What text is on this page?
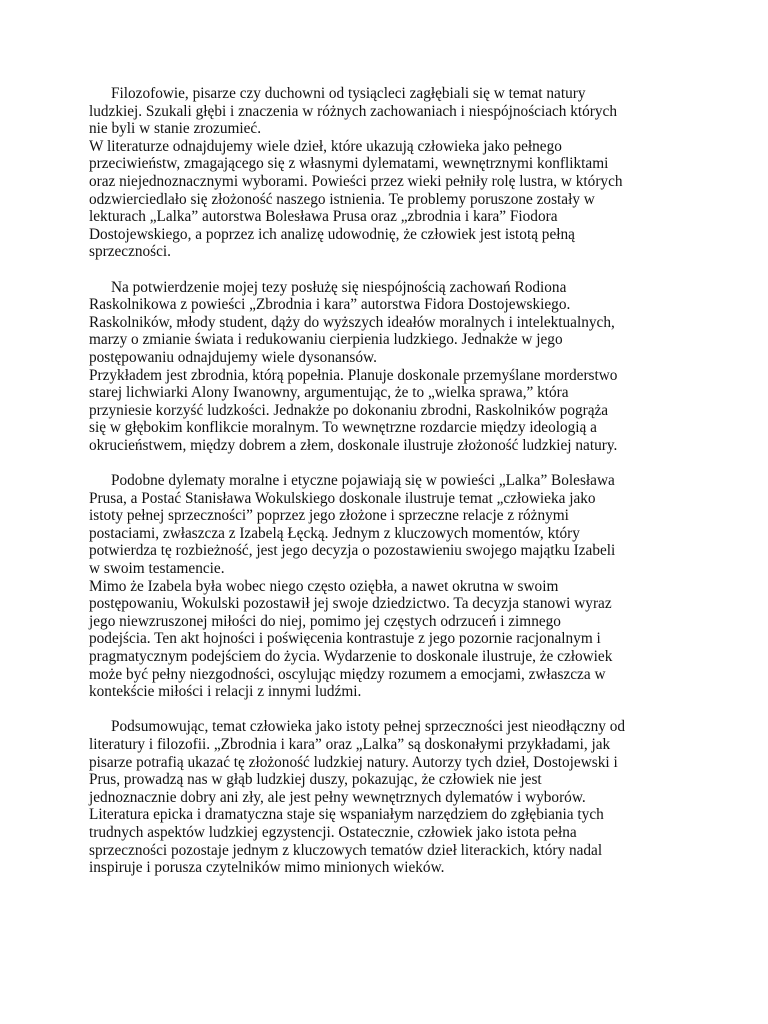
Filozofowie, pisarze czy duchowni od tysiącleci zagłębiali się w temat natury
ludzkiej. Szukali głębi i znaczenia w różnych zachowaniach i niespójnościach których
nie byli w stanie zrozumieć.
W literaturze odnajdujemy wiele dzieł, które ukazują człowieka jako pełnego
przeciwieństw, zmagającego się z własnymi dylematami, wewnętrznymi konfliktami
oraz niejednoznacznymi wyborami. Powieści przez wieki pełniły rolę lustra, w których
odzwierciedlało się złożoność naszego istnienia. Te problemy poruszone zostały w
lekturach „Lalka” autorstwa Bolesława Prusa oraz „zbrodnia i kara” Fiodora
Dostojewskiego, a poprzez ich analizę udowodnię, że człowiek jest istotą pełną
sprzeczności.
Na potwierdzenie mojej tezy posłużę się niespójnością zachowań Rodiona
Raskolnikowa z powieści „Zbrodnia i kara” autorstwa Fidora Dostojewskiego.
Raskolników, młody student, dąży do wyższych ideałów moralnych i intelektualnych,
marzy o zmianie świata i redukowaniu cierpienia ludzkiego. Jednakże w jego
postępowaniu odnajdujemy wiele dysonansów.
Przykładem jest zbrodnia, którą popełnia. Planuje doskonale przemyślane morderstwo
starej lichwiarki Alony Iwanowny, argumentując, że to „wielka sprawa,” która
przyniesie korzyść ludzkości. Jednakże po dokonaniu zbrodni, Raskolników pogrąża
się w głębokim konflikcie moralnym. To wewnętrzne rozdarcie między ideologią a
okrucieństwem, między dobrem a złem, doskonale ilustruje złożoność ludzkiej natury.
Podobne dylematy moralne i etyczne pojawiają się w powieści „Lalka” Bolesława
Prusa, a Postać Stanisława Wokulskiego doskonale ilustruje temat „człowieka jako
istoty pełnej sprzeczności” poprzez jego złożone i sprzeczne relacje z różnymi
postaciami, zwłaszcza z Izabelą Łęcką. Jednym z kluczowych momentów, który
potwierdza tę rozbieżność, jest jego decyzja o pozostawieniu swojego majątku Izabeli
w swoim testamencie.
Mimo że Izabela była wobec niego często oziębła, a nawet okrutna w swoim
postępowaniu, Wokulski pozostawił jej swoje dziedzictwo. Ta decyzja stanowi wyraz
jego niewzruszonej miłości do niej, pomimo jej częstych odrzuceń i zimnego
podejścia. Ten akt hojności i poświęcenia kontrastuje z jego pozornie racjonalnym i
pragmatycznym podejściem do życia. Wydarzenie to doskonale ilustruje, że człowiek
może być pełny niezgodności, oscylując między rozumem a emocjami, zwłaszcza w
kontekście miłości i relacji z innymi ludźmi.
Podsumowując, temat człowieka jako istoty pełnej sprzeczności jest nieodłączny od
literatury i filozofii. „Zbrodnia i kara” oraz „Lalka” są doskonałymi przykładami, jak
pisarze potrafią ukazać tę złożoność ludzkiej natury. Autorzy tych dzieł, Dostojewski i
Prus, prowadzą nas w głąb ludzkiej duszy, pokazując, że człowiek nie jest
jednoznacznie dobry ani zły, ale jest pełny wewnętrznych dylematów i wyborów.
Literatura epicka i dramatyczna staje się wspaniałym narzędziem do zgłębiania tych
trudnych aspektów ludzkiej egzystencji. Ostatecznie, człowiek jako istota pełna
sprzeczności pozostaje jednym z kluczowych tematów dzieł literackich, który nadal
inspiruje i porusza czytelników mimo minionych wieków.
